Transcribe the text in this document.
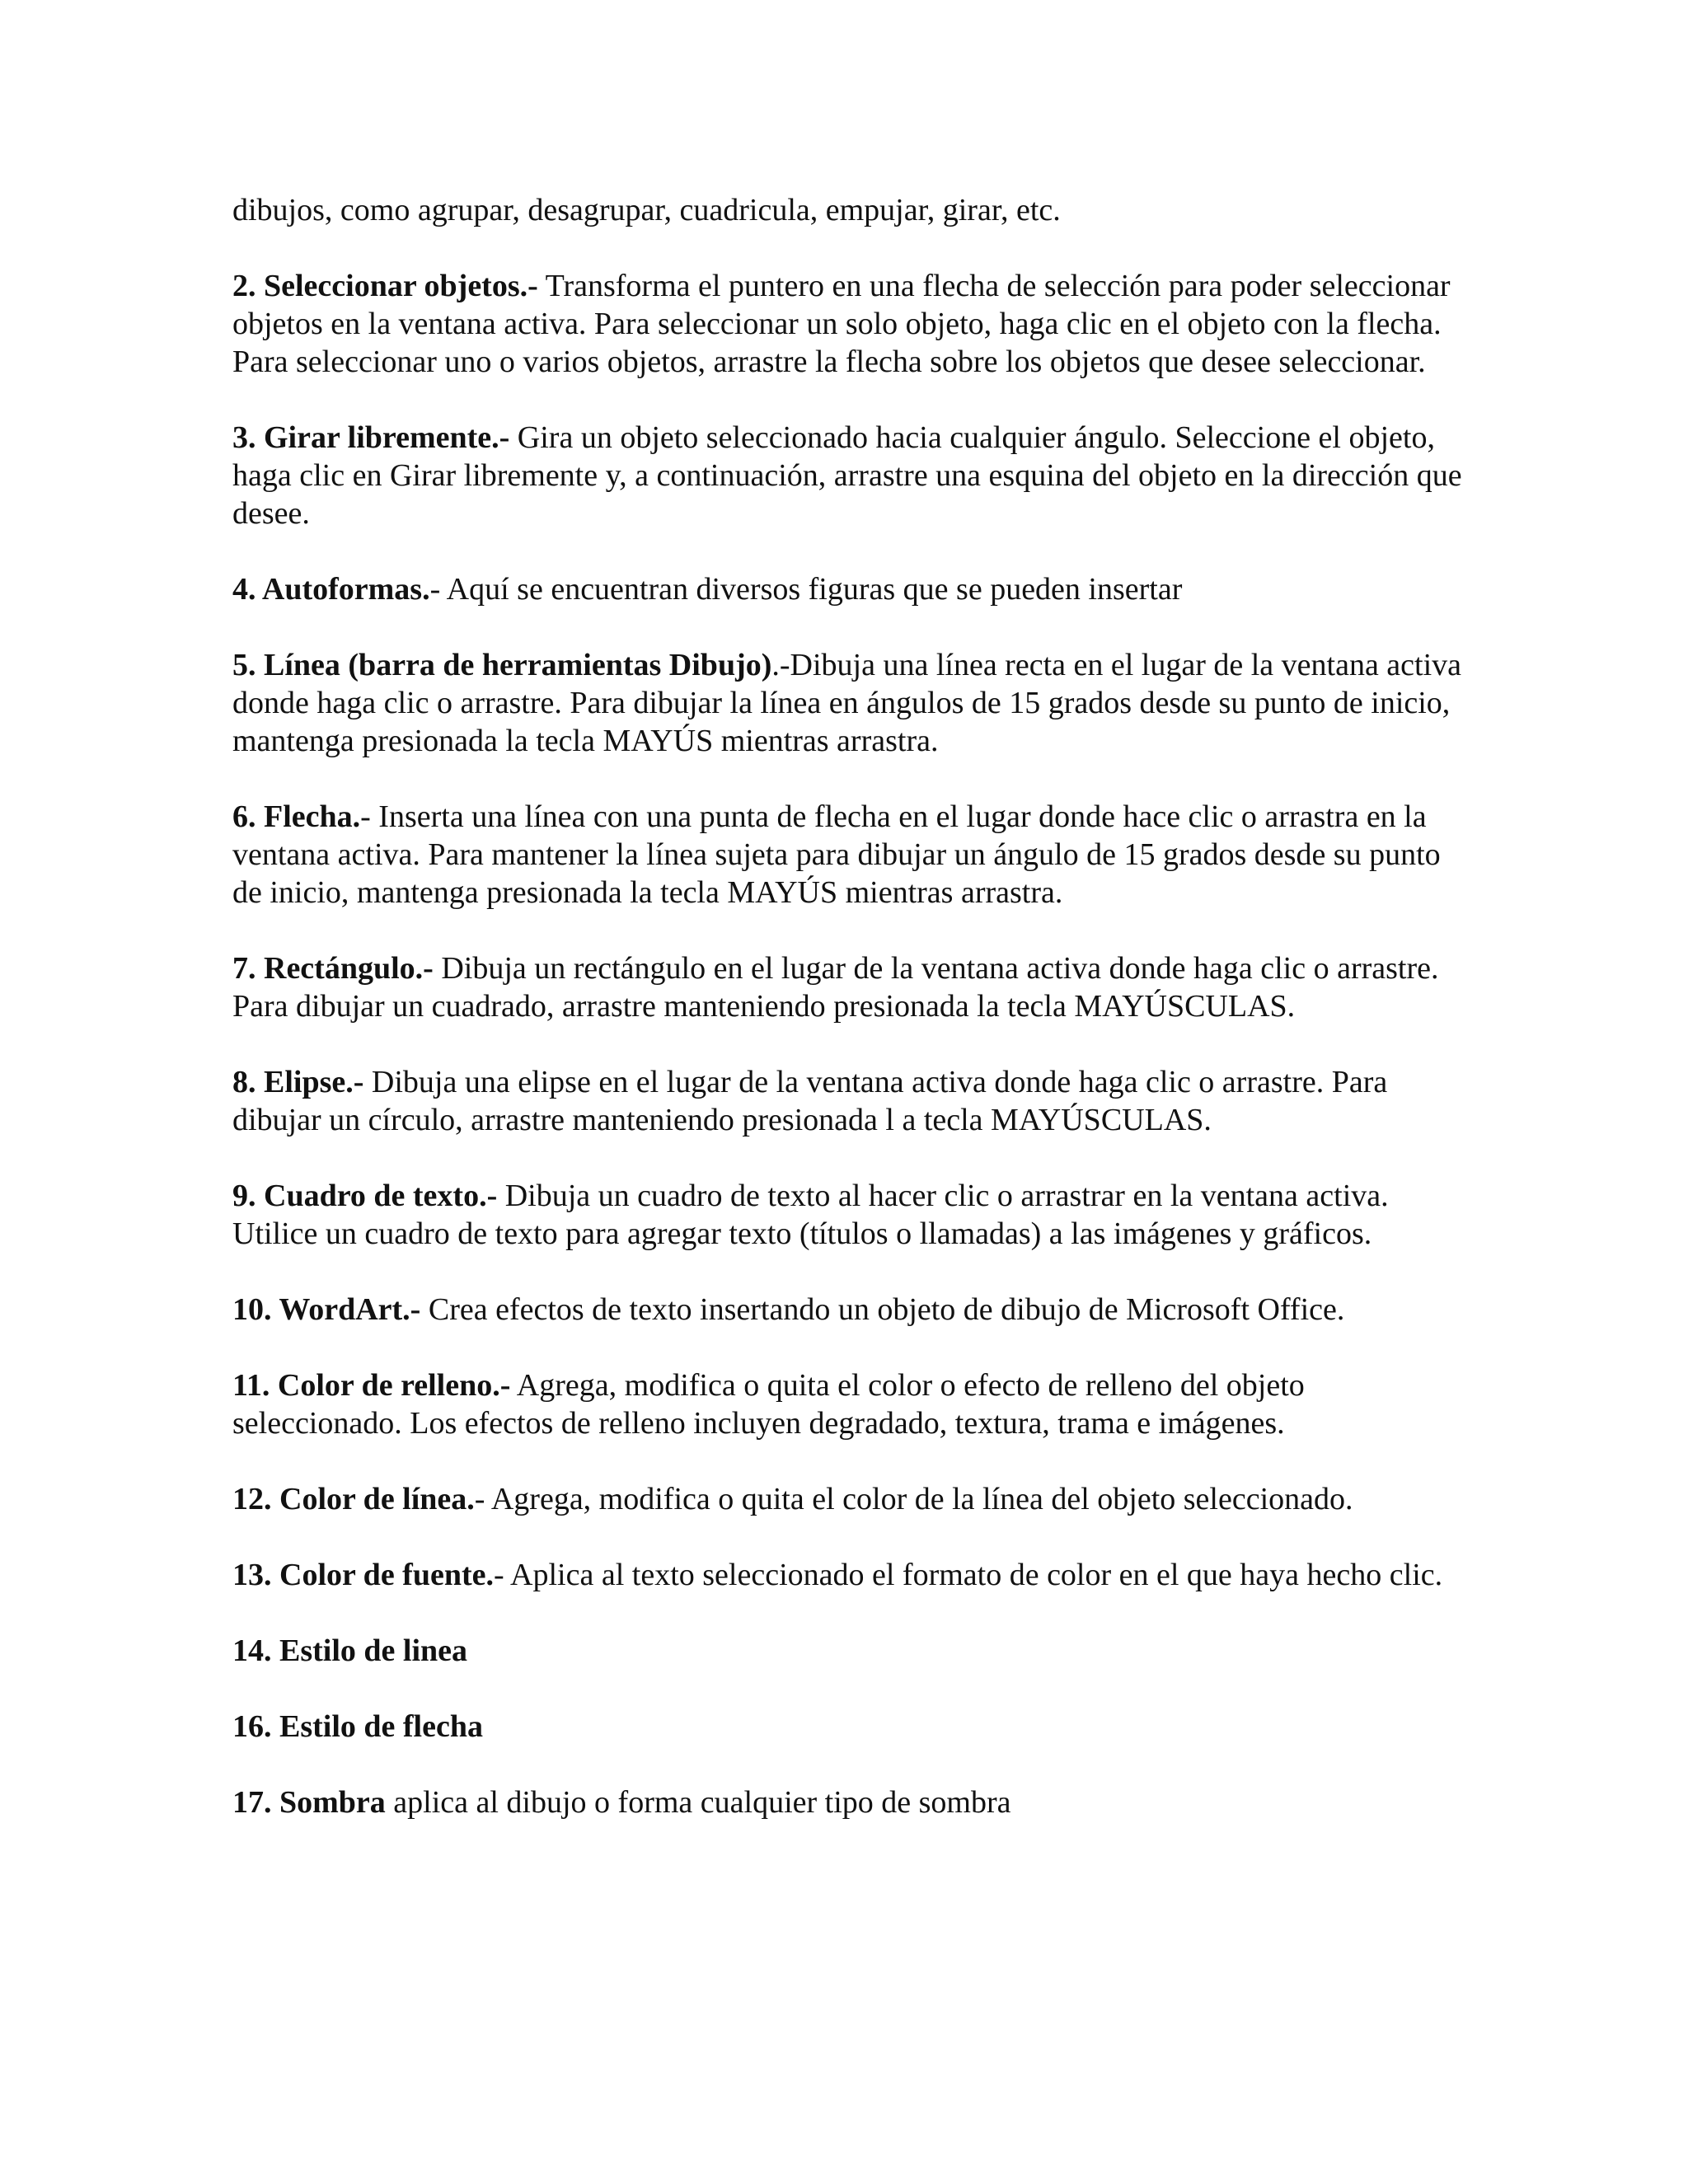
dibujos, como agrupar, desagrupar, cuadricula, empujar, girar, etc.

2. Seleccionar objetos.- Transforma el puntero en una flecha de selección para poder seleccionar objetos en la ventana activa. Para seleccionar un solo objeto, haga clic en el objeto con la flecha. Para seleccionar uno o varios objetos, arrastre la flecha sobre los objetos que desee seleccionar.

3. Girar libremente.- Gira un objeto seleccionado hacia cualquier ángulo. Seleccione el objeto, haga clic en Girar libremente y, a continuación, arrastre una esquina del objeto en la dirección que desee.

4. Autoformas.- Aquí se encuentran diversos figuras que se pueden insertar

5. Línea (barra de herramientas Dibujo).-Dibuja una línea recta en el lugar de la ventana activa donde haga clic o arrastre. Para dibujar la línea en ángulos de 15 grados desde su punto de inicio, mantenga presionada la tecla MAYÚS mientras arrastra.

6. Flecha.- Inserta una línea con una punta de flecha en el lugar donde hace clic o arrastra en la ventana activa. Para mantener la línea sujeta para dibujar un ángulo de 15 grados desde su punto de inicio, mantenga presionada la tecla MAYÚS mientras arrastra.

7. Rectángulo.- Dibuja un rectángulo en el lugar de la ventana activa donde haga clic o arrastre. Para dibujar un cuadrado, arrastre manteniendo presionada la tecla MAYÚSCULAS.

8. Elipse.- Dibuja una elipse en el lugar de la ventana activa donde haga clic o arrastre. Para dibujar un círculo, arrastre manteniendo presionada l a tecla MAYÚSCULAS.

9. Cuadro de texto.- Dibuja un cuadro de texto al hacer clic o arrastrar en la ventana activa. Utilice un cuadro de texto para agregar texto (títulos o llamadas) a las imágenes y gráficos.

10. WordArt.- Crea efectos de texto insertando un objeto de dibujo de Microsoft Office.

11. Color de relleno.- Agrega, modifica o quita el color o efecto de relleno del objeto seleccionado. Los efectos de relleno incluyen degradado, textura, trama e imágenes.

12. Color de línea.- Agrega, modifica o quita el color de la línea del objeto seleccionado.

13. Color de fuente.- Aplica al texto seleccionado el formato de color en el que haya hecho clic.

14. Estilo de linea

16. Estilo de flecha

17. Sombra aplica al dibujo o forma cualquier tipo de sombra
